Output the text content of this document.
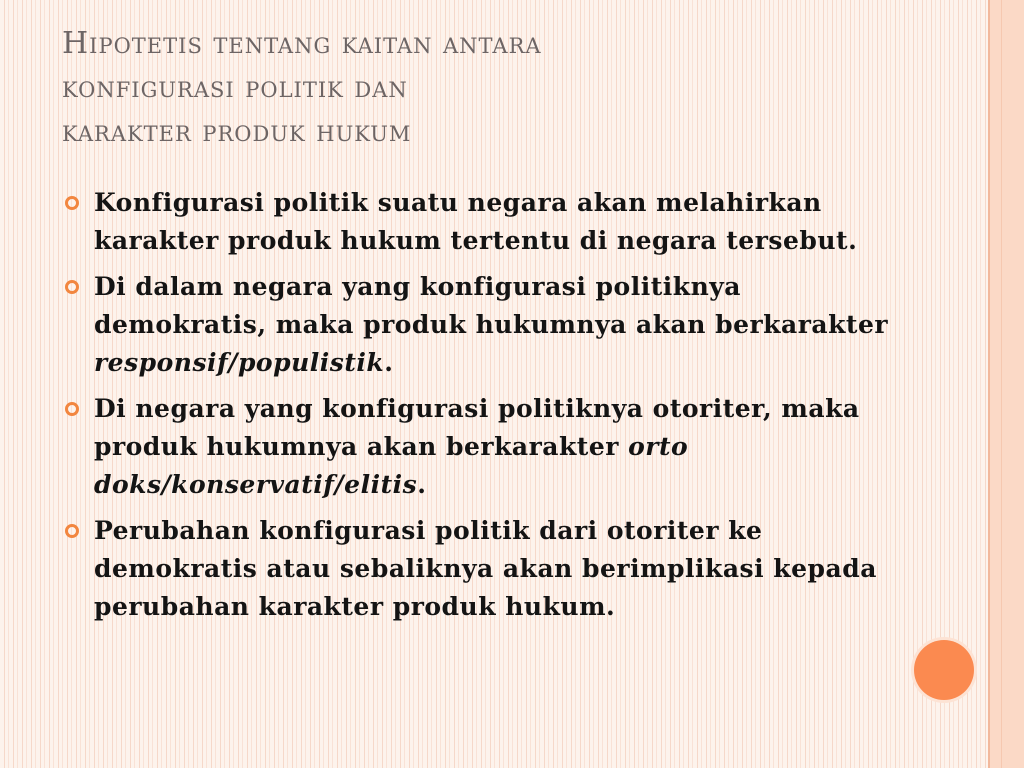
Hipotetis tentang kaitan antara
konfigurasi politik dan
karakter produk hukum
Konfigurasi politik suatu negara akan melahirkan karakter produk hukum tertentu di negara tersebut.
Di dalam negara yang konfigurasi politiknya demokratis, maka produk hukumnya akan berkarakter responsif/populistik.
Di negara yang konfigurasi politiknya otoriter, maka produk hukumnya akan berkarakter orto doks/konservatif/elitis.
Perubahan konfigurasi politik dari otoriter ke demokratis atau sebaliknya akan berimplikasi kepada perubahan karakter produk hukum.
